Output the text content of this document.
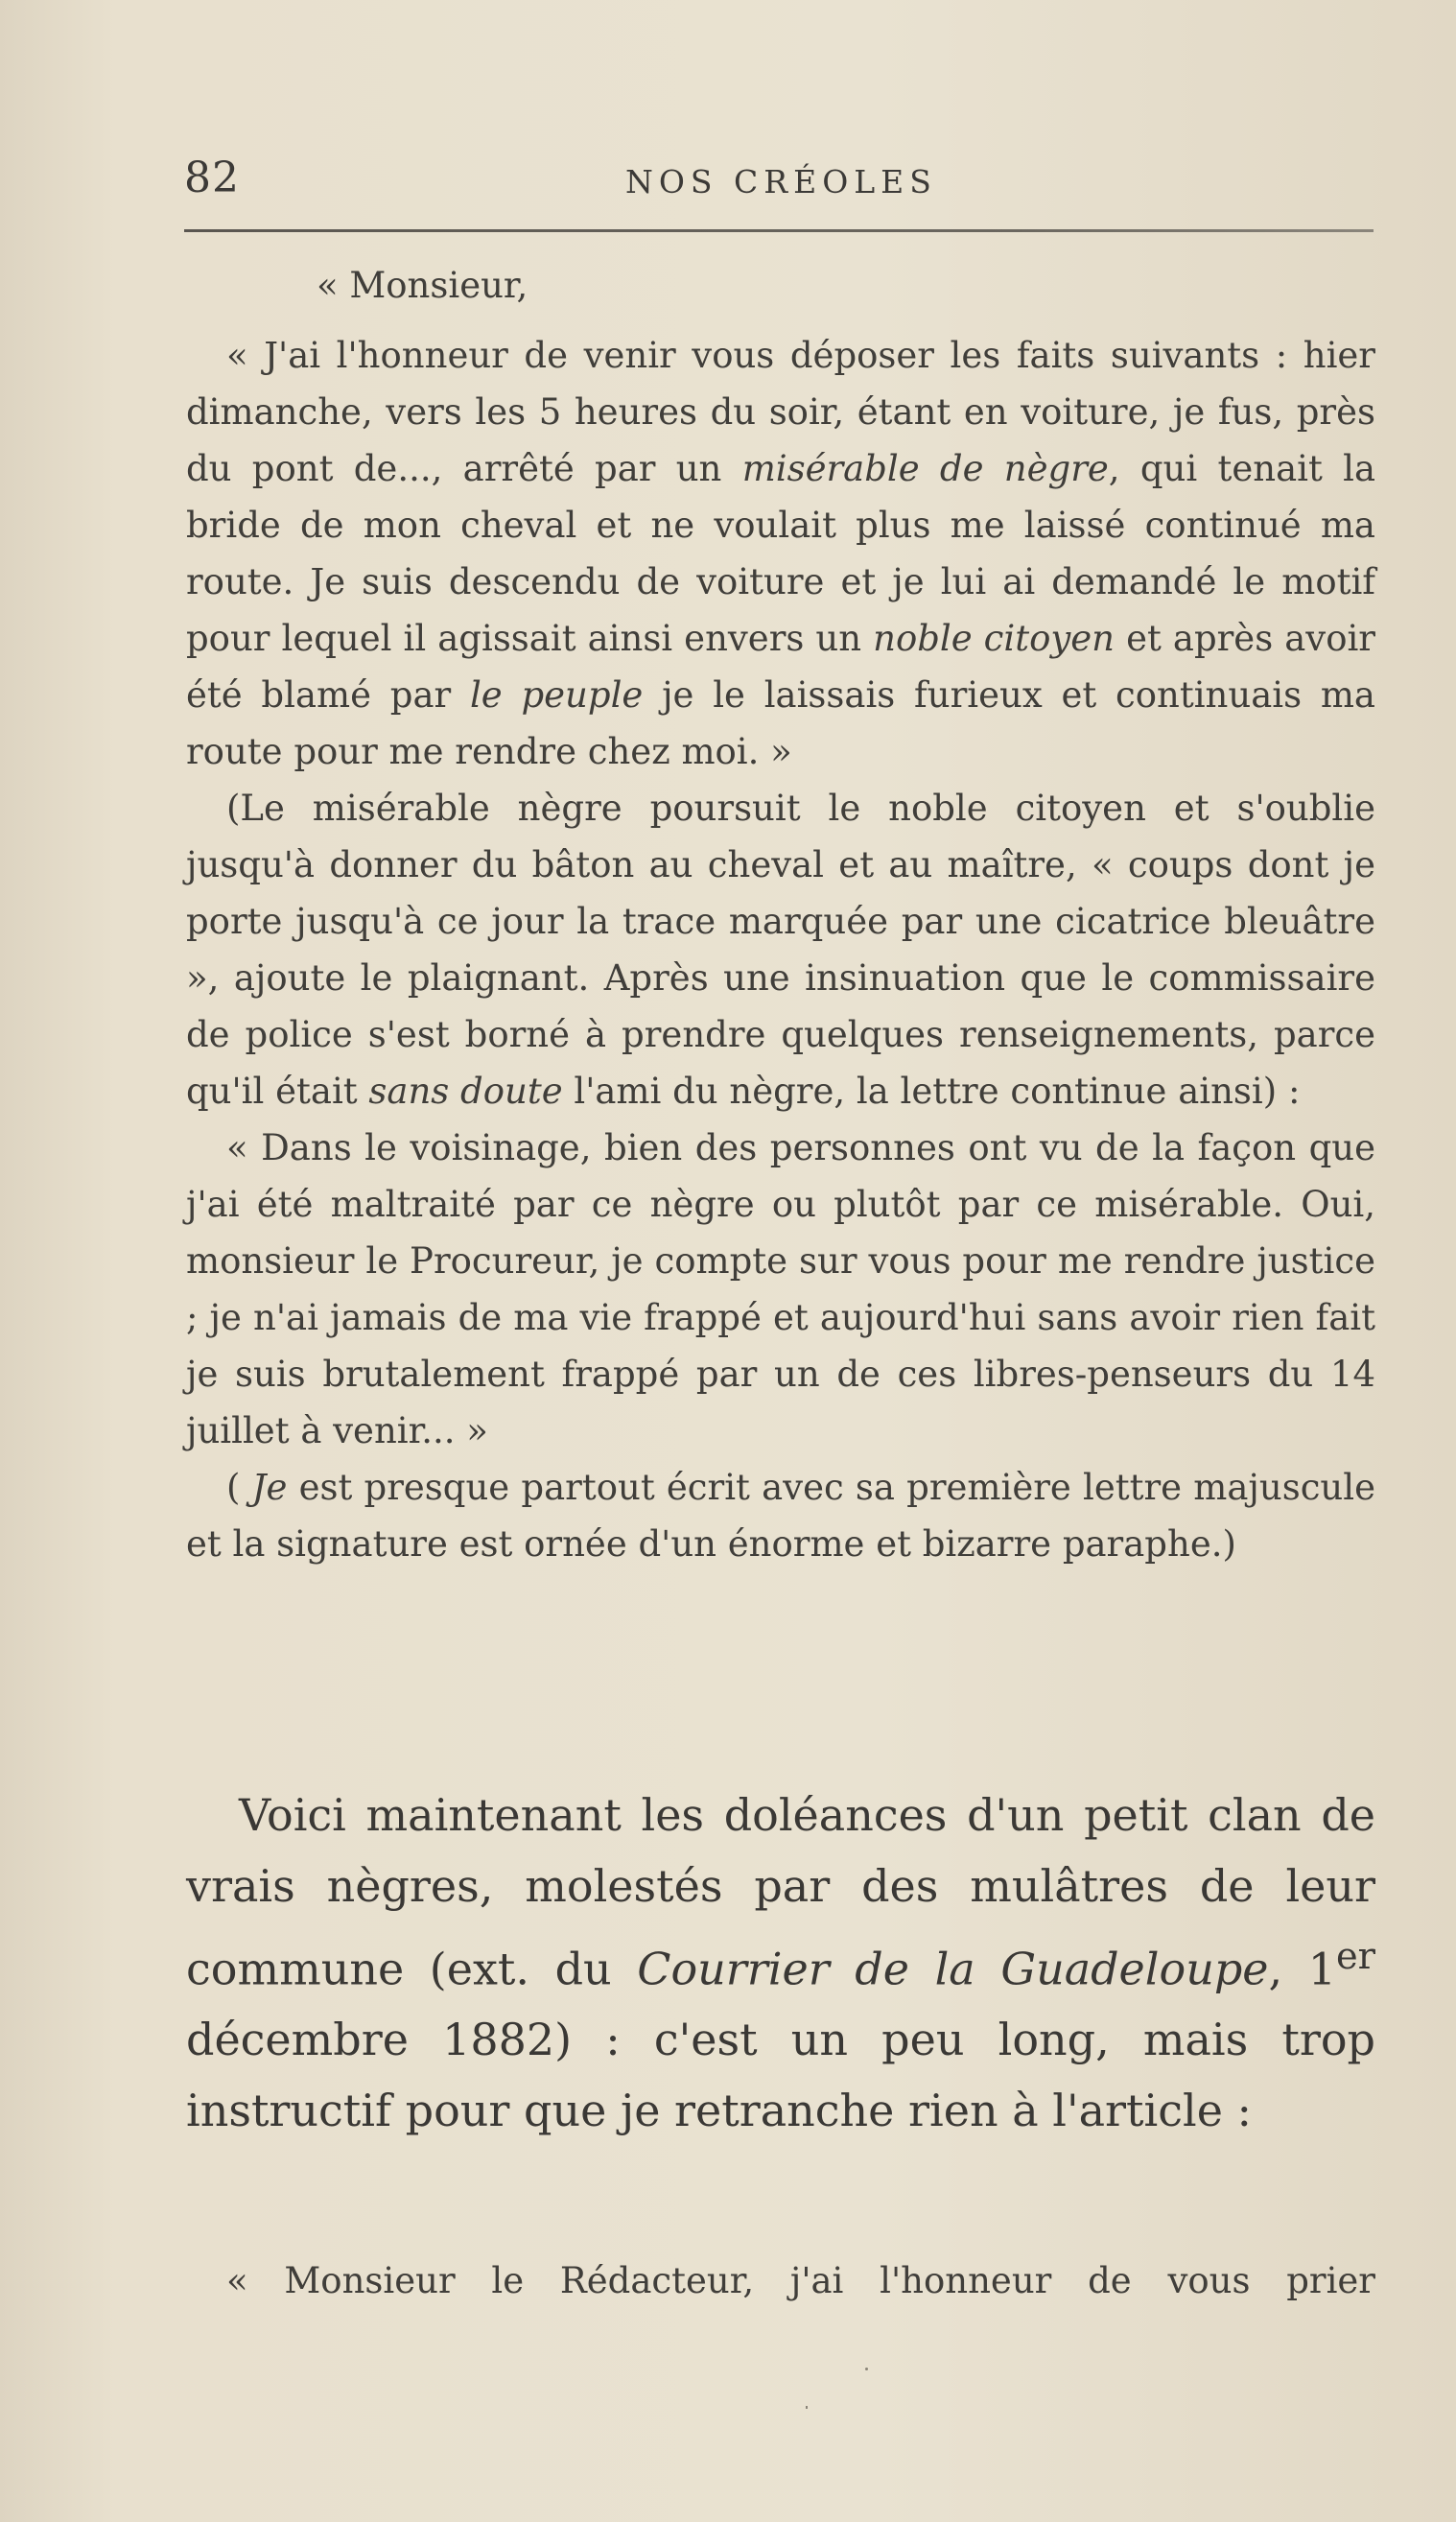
82	NOS CRÉOLES

« Monsieur,

« J'ai l'honneur de venir vous déposer les faits suivants : hier dimanche, vers les 5 heures du soir, étant en voiture, je fus, près du pont de..., arrêté par un misérable de nègre, qui tenait la bride de mon cheval et ne voulait plus me laissé continué ma route. Je suis descendu de voiture et je lui ai demandé le motif pour lequel il agissait ainsi envers un noble citoyen et après avoir été blamé par le peuple je le laissais furieux et continuais ma route pour me rendre chez moi. »

(Le misérable nègre poursuit le noble citoyen et s'oublie jusqu'à donner du bâton au cheval et au maître, « coups dont je porte jusqu'à ce jour la trace marquée par une cicatrice bleuâtre », ajoute le plaignant. Après une insinuation que le commissaire de police s'est borné à prendre quelques renseignements, parce qu'il était sans doute l'ami du nègre, la lettre continue ainsi) :

« Dans le voisinage, bien des personnes ont vu de la façon que j'ai été maltraité par ce nègre ou plutôt par ce misérable. Oui, monsieur le Procureur, je compte sur vous pour me rendre justice ; je n'ai jamais de ma vie frappé et aujourd'hui sans avoir rien fait je suis brutalement frappé par un de ces libres-penseurs du 14 juillet à venir... »

( Je est presque partout écrit avec sa première lettre majuscule et la signature est ornée d'un énorme et bizarre paraphe.)

Voici maintenant les doléances d'un petit clan de vrais nègres, molestés par des mulâtres de leur commune (ext. du Courrier de la Guadeloupe, 1er décembre 1882) : c'est un peu long, mais trop instructif pour que je retranche rien à l'article :

« Monsieur le Rédacteur, j'ai l'honneur de vous prier
